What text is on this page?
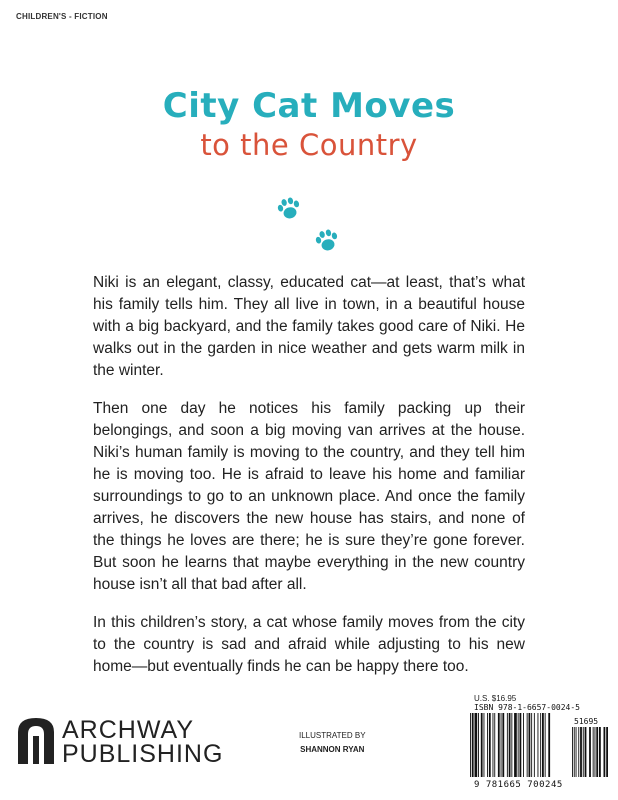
CHILDREN'S - FICTION
City Cat Moves
to the Country

Niki is an elegant, classy, educated cat—at least, that’s what his family tells him. They all live in town, in a beautiful house with a big backyard, and the family takes good care of Niki. He walks out in the garden in nice weather and gets warm milk in the winter.

Then one day he notices his family packing up their belongings, and soon a big moving van arrives at the house. Niki’s human family is moving to the country, and they tell him he is moving too. He is afraid to leave his home and familiar surroundings to go to an unknown place. And once the family arrives, he discovers the new house has stairs, and none of the things he loves are there; he is sure they’re gone forever. But soon he learns that maybe everything in the new country house isn’t all that bad after all.

In this children’s story, a cat whose family moves from the city to the country is sad and afraid while adjusting to his new home—but eventually finds he can be happy there too.

ARCHWAY
PUBLISHING
ILLUSTRATED BY
SHANNON RYAN
U.S. $16.95
ISBN 978-1-6657-0024-5
51695
9 781665 700245
